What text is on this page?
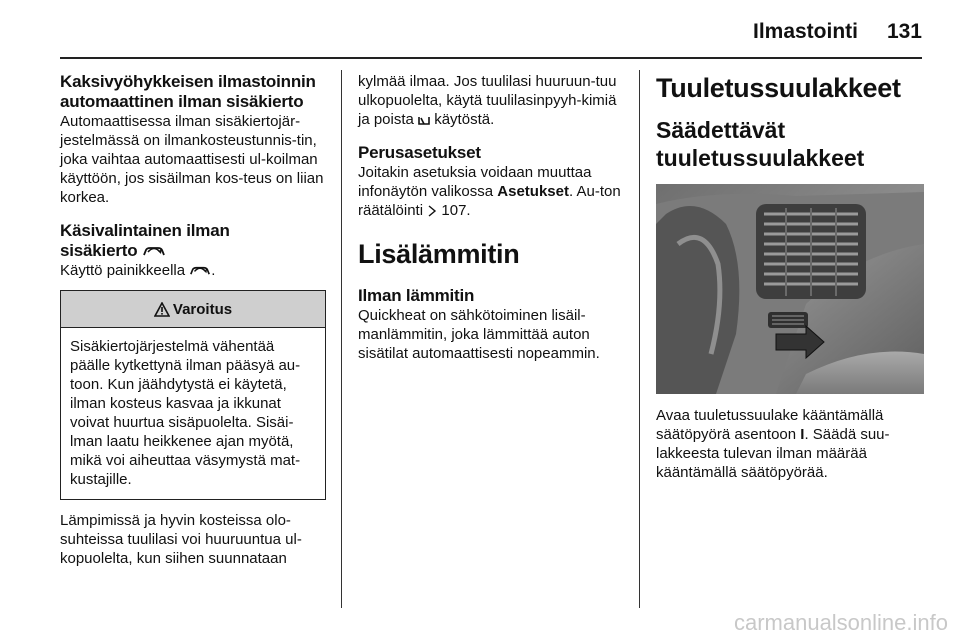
Ilmastointi 131

Kaksivyöhykkeisen ilmastoinnin automaattinen ilman sisäkierto

Automaattisessa ilman sisäkiertojär-jestelmässä on ilmankosteustunnis-tin, joka vaihtaa automaattisesti ul-koilman käyttöön, jos sisäilman kos-teus on liian korkea.

Käsivalintainen ilman
sisäkierto

Käyttö painikkeella .

Varoitus

Sisäkiertojärjestelmä vähentää päälle kytkettynä ilman pääsyä au-toon. Kun jäähdytystä ei käytetä, ilman kosteus kasvaa ja ikkunat voivat huurtua sisäpuolelta. Sisäi-lman laatu heikkenee ajan myötä, mikä voi aiheuttaa väsymystä mat-kustajille.

Lämpimissä ja hyvin kosteissa olo-suhteissa tuulilasi voi huuruuntua ul-kopuolelta, kun siihen suunnataan

kylmää ilmaa. Jos tuulilasi huuruun-tuu ulkopuolelta, käytä tuulilasinpyyh-kimiä ja poista käytöstä.

Perusasetukset

Joitakin asetuksia voidaan muuttaa infonäytön valikossa Asetukset. Au-ton räätälöinti 107.

Lisälämmitin

Ilman lämmitin

Quickheat on sähkötoiminen lisäil-manlämmitin, joka lämmittää auton sisätilat automaattisesti nopeammin.

Tuuletussuulakkeet

Säädettävät
tuuletussuulakkeet

Avaa tuuletussuulake kääntämällä säätöpyörä asentoon I. Säädä suu-lakkeesta tulevan ilman määrää kääntämällä säätöpyörää.

carmanualsonline.info
